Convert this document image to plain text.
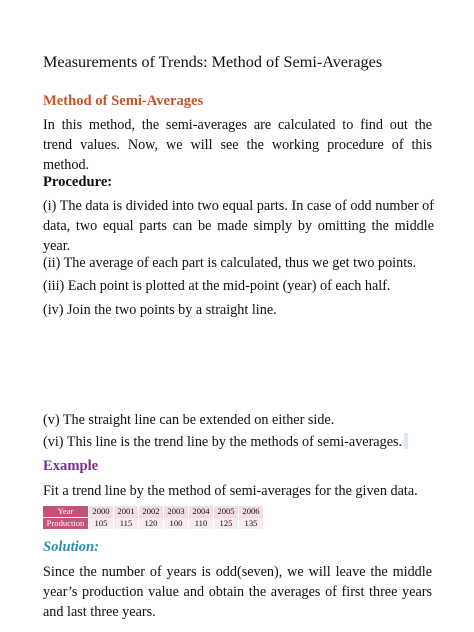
Measurements of Trends: Method of Semi-Averages
Method of Semi-Averages
In this method, the semi-averages are calculated to find out the trend values. Now, we will see the working procedure of this method.
Procedure:
(i) The data is divided into two equal parts. In case of odd number of data, two equal parts can be made simply by omitting the middle year.
(ii) The average of each part is calculated, thus we get two points.
(iii) Each point is plotted at the mid-point (year) of each half.
(iv) Join the two points by a straight line.
(v) The straight line can be extended on either side.
(vi) This line is the trend line by the methods of semi-averages.
Example
Fit a trend line by the method of semi-averages for the given data.
Year	2000	2001	2002	2003	2004	2005	2006
Production	105	115	120	100	110	125	135
Solution:
Since the number of years is odd(seven), we will leave the middle year’s production value and obtain the averages of first three years and last three years.
